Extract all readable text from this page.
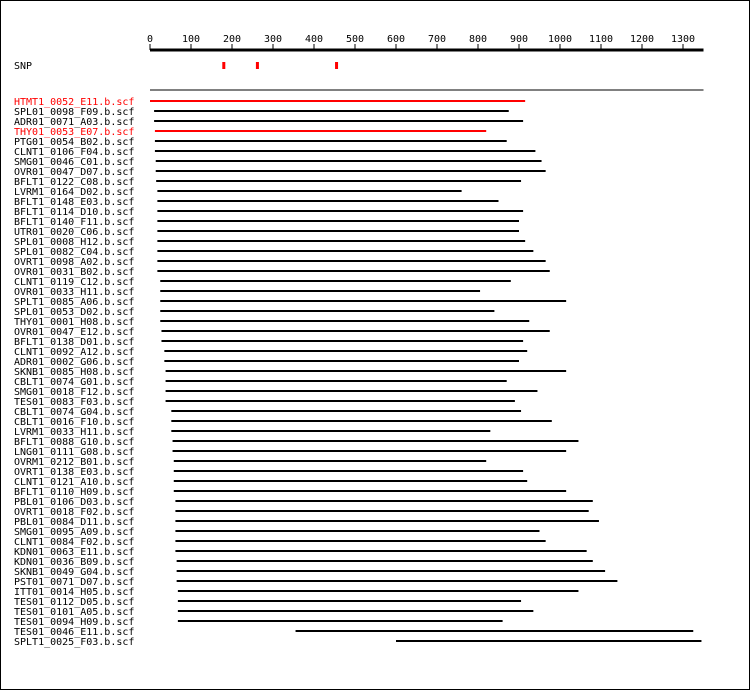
SNP
0	100 200 300 400 500 600 700 800 900 1000 1100 1200 1300
HTMT1_0052_E11.b.scf
SPL01_0098_F09.b.scf
ADR01_0071_A03.b.scf
THY01_0053_E07.b.scf
PTG01_0054_B02.b.scf
CLNT1_0106_F04.b.scf
SMG01_0046_C01.b.scf
OVR01_0047_D07.b.scf
BFLT1_0122_C08.b.scf
LVRM1_0164_D02.b.scf
BFLT1_0148_E03.b.scf
BFLT1_0114_D10.b.scf
BFLT1_0140_F11.b.scf
UTR01_0020_C06.b.scf
SPL01_0008_H12.b.scf
SPL01_0082_C04.b.scf
OVRT1_0098_A02.b.scf
OVR01_0031_B02.b.scf
CLNT1_0119_C12.b.scf
OVR01_0033_H11.b.scf
SPLT1_0085_A06.b.scf
SPL01_0053_D02.b.scf
THY01_0001_H08.b.scf
OVR01_0047_E12.b.scf
BFLT1_0138_D01.b.scf
CLNT1_0092_A12.b.scf
ADR01_0002_G06.b.scf
SKNB1_0085_H08.b.scf
CBLT1_0074_G01.b.scf
SMG01_0018_F12.b.scf
TES01_0083_F03.b.scf
CBLT1_0074_G04.b.scf
CBLT1_0016_F10.b.scf
LVRM1_0033_H11.b.scf
BFLT1_0088_G10.b.scf
LNG01_0111_G08.b.scf
OVRM1_0212_B01.b.scf
OVRT1_0138_E03.b.scf
CLNT1_0121_A10.b.scf
BFLT1_0110_H09.b.scf
PBL01_0106_D03.b.scf
OVRT1_0018_F02.b.scf
PBL01_0084_D11.b.scf
SMG01_0095_A09.b.scf
CLNT1_0084_F02.b.scf
KDN01_0063_E11.b.scf
KDN01_0036_B09.b.scf
SKNB1_0049_G04.b.scf
PST01_0071_D07.b.scf
ITT01_0014_H05.b.scf
TES01_0112_D05.b.scf
TES01_0101_A05.b.scf
TES01_0094_H09.b.scf
TES01_0046_E11.b.scf
SPLT1_0025_F03.b.scf
